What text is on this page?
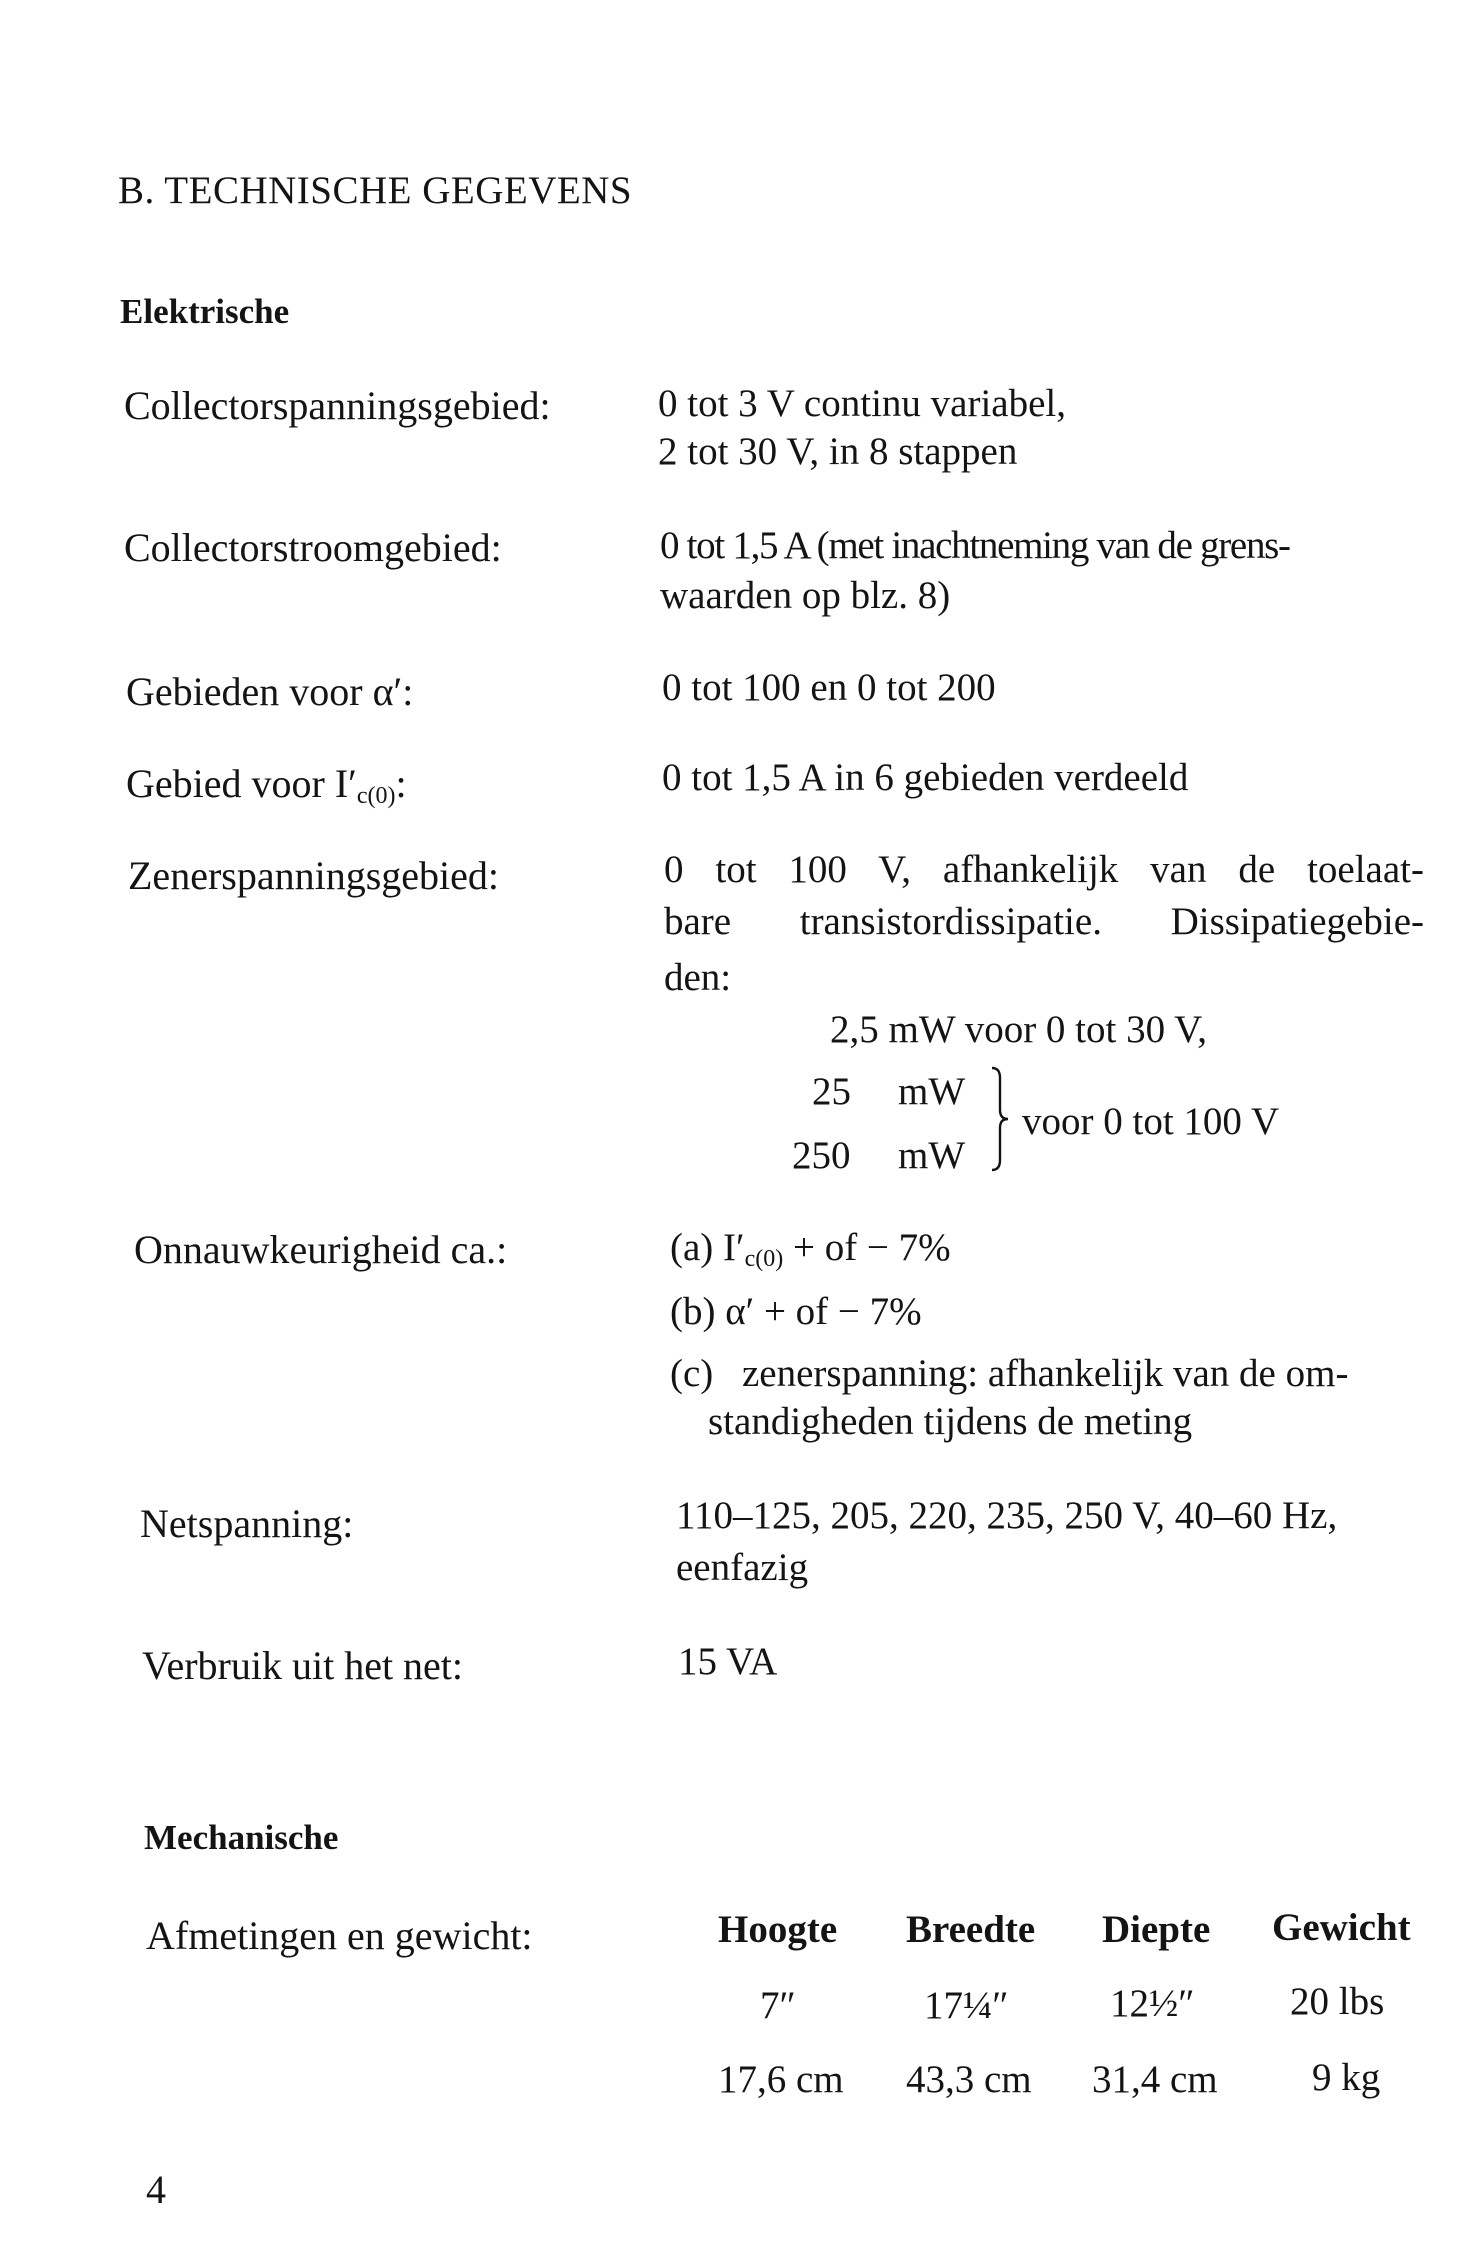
B. TECHNISCHE GEGEVENS
Elektrische
Collectorspanningsgebied:	0 tot 3 V continu variabel,
2 tot 30 V, in 8 stappen
Collectorstroomgebied:	0 tot 1,5 A (met inachtneming van de grens-
waarden op blz. 8)
Gebieden voor α′:	0 tot 100 en 0 tot 200
Gebied voor $I'_{c(0)}$:	0 tot 1,5 A in 6 gebieden verdeeld
Zenerspanningsgebied:	0 tot 100 V, afhankelijk van de toelaat-
bare transistordissipatie. Dissipatiegebie-
den:
2,5 mW voor 0 tot 30 V,
25 mW
250 mW
voor 0 tot 100 V
Onnauwkeurigheid ca.:	(a) $I'_{c(0)}$ + of − 7%
(b) α′ + of − 7%
(c) zenerspanning: afhankelijk van de om-
standigheden tijdens de meting
Netspanning:	110–125, 205, 220, 235, 250 V, 40–60 Hz,
eenfazig
Verbruik uit het net:	15 VA
Mechanische
Afmetingen en gewicht:	Hoogte Breedte Diepte Gewicht
7″	17¼″	12½″ 20 lbs
17,6 cm 43,3 cm 31,4 cm 9 kg
4
